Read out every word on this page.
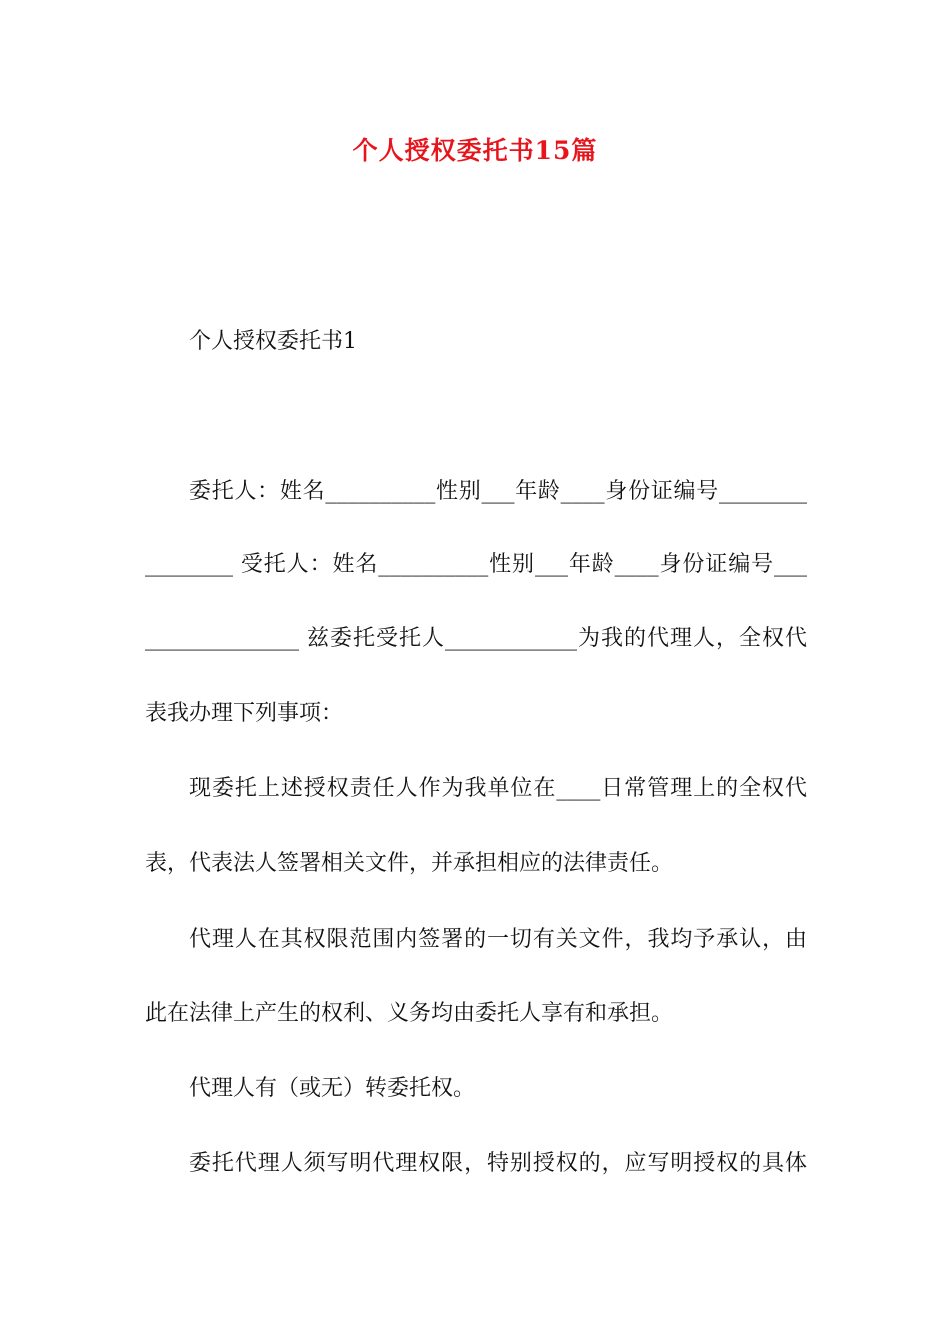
个人授权委托书15篇
个人授权委托书1
委托人：姓名__________性别___年龄____身份证编号________
________ 受托人：姓名__________性别___年龄____身份证编号___
______________ 兹委托受托人____________为我的代理人，全权代
表我办理下列事项：
现委托上述授权责任人作为我单位在____日常管理上的全权代
表，代表法人签署相关文件，并承担相应的法律责任。
代理人在其权限范围内签署的一切有关文件，我均予承认，由
此在法律上产生的权利、义务均由委托人享有和承担。
代理人有（或无）转委托权。
委托代理人须写明代理权限，特别授权的，应写明授权的具体
